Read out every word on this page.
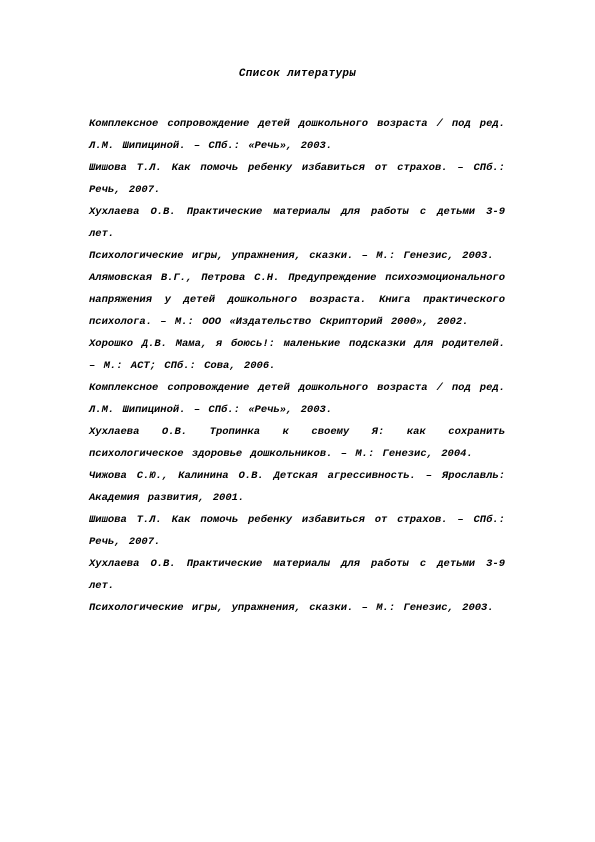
Список литературы

Комплексное сопровождение детей дошкольного возраста / под ред. Л.М. Шипициной. – СПб.: «Речь», 2003.

Шишова Т.Л. Как помочь ребенку избавиться от страхов. – СПб.: Речь, 2007.

Хухлаева О.В. Практические материалы для работы с детьми 3-9 лет.

Психологические игры, упражнения, сказки. – М.: Генезис, 2003.

Алямовская В.Г., Петрова С.Н. Предупреждение психоэмоционального напряжения у детей дошкольного возраста. Книга практического психолога. – М.: ООО «Издательство Скрипторий 2000», 2002.

Хорошко Д.В. Мама, я боюсь!: маленькие подсказки для родителей. – М.: АСТ; СПб.: Сова, 2006.

Комплексное сопровождение детей дошкольного возраста / под ред. Л.М. Шипициной. – СПб.: «Речь», 2003.

Хухлаева О.В. Тропинка к своему Я: как сохранить психологическое здоровье дошкольников. – М.: Генезис, 2004.

Чижова С.Ю., Калинина О.В. Детская агрессивность. – Ярославль: Академия развития, 2001.

Шишова Т.Л. Как помочь ребенку избавиться от страхов. – СПб.: Речь, 2007.

Хухлаева О.В. Практические материалы для работы с детьми 3-9 лет.

Психологические игры, упражнения, сказки. – М.: Генезис, 2003.
